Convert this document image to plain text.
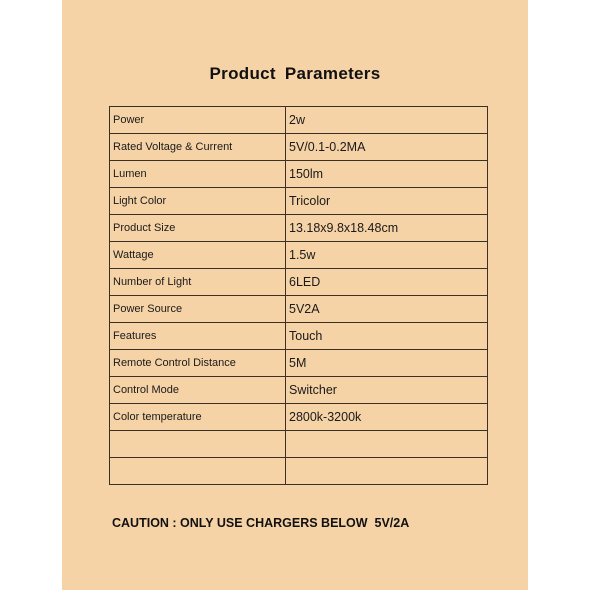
Product Parameters
Power	2w
Rated Voltage & Current	5V/0.1-0.2MA
Lumen	150lm
Light Color	Tricolor
Product Size	13.18x9.8x18.48cm
Wattage	1.5w
Number of Light	6LED
Power Source	5V2A
Features	Touch
Remote Control Distance	5M
Control Mode	Switcher
Color temperature	2800k-3200k

CAUTION : ONLY USE CHARGERS BELOW  5V/2A
